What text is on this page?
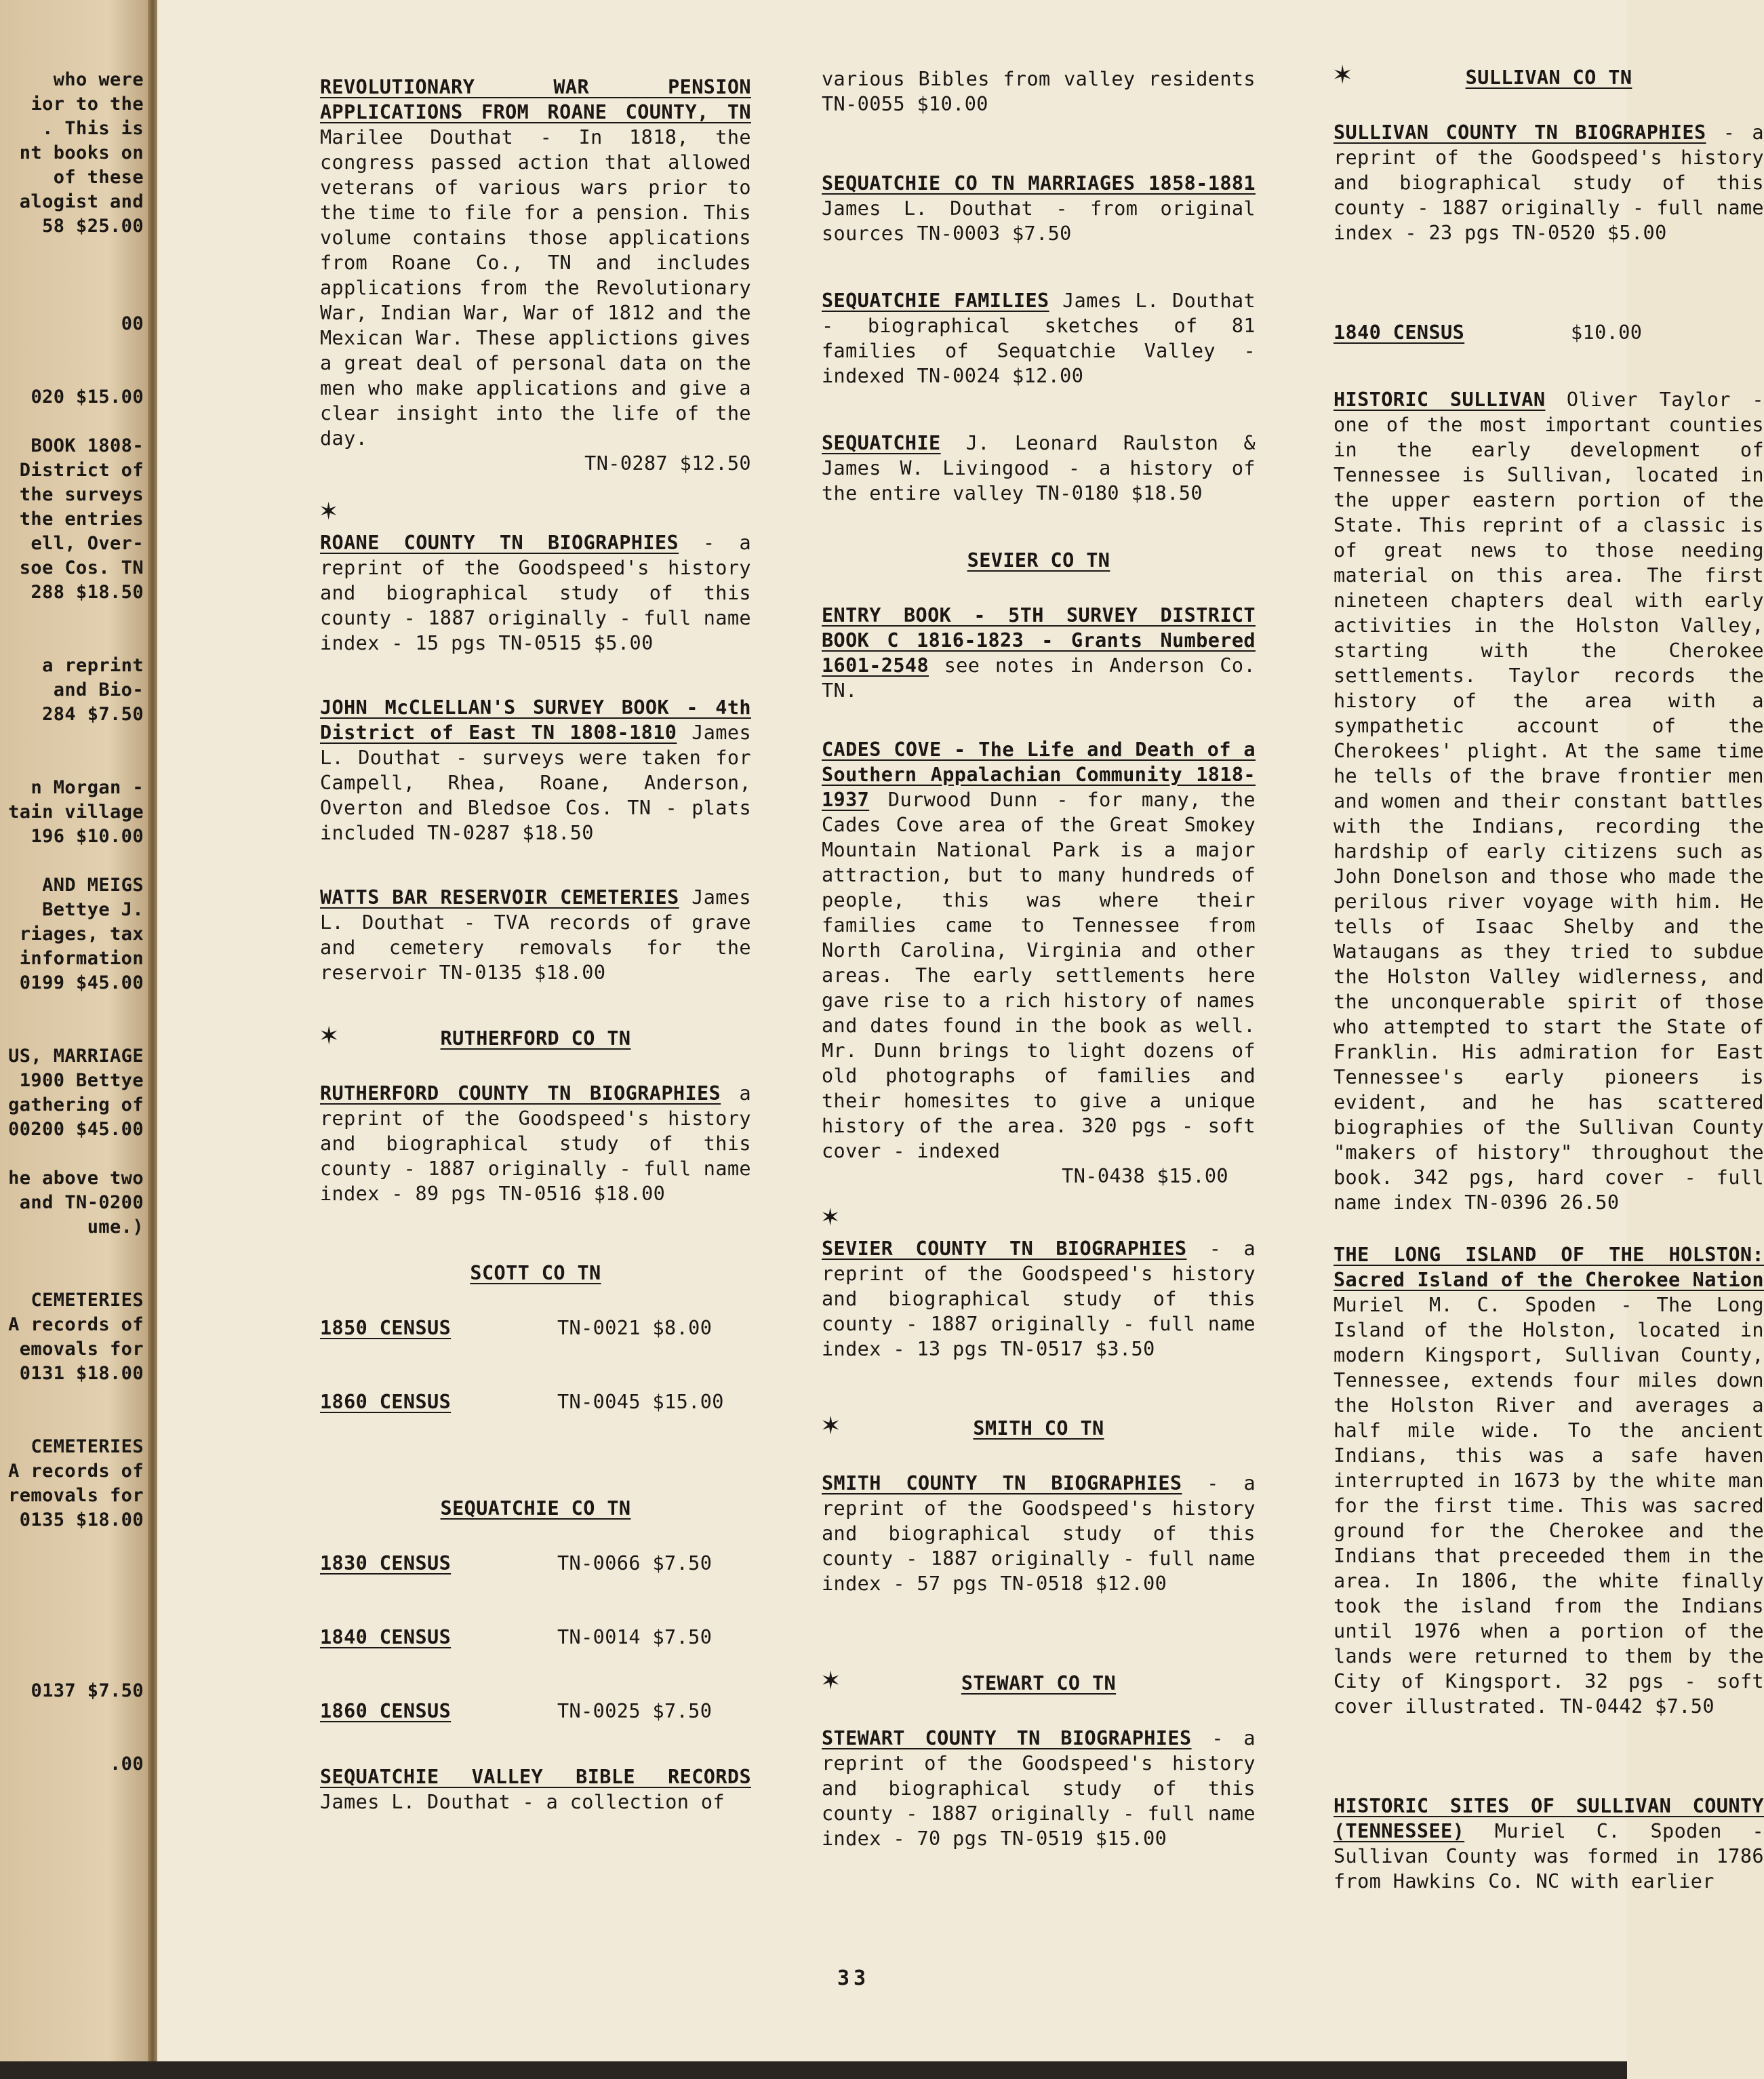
who were
ior to the
. This is
nt books on
of these
alogist and
58 $25.00

00

020 $15.00

BOOK 1808-
District of
the surveys
the entries
ell, Over-
soe Cos. TN
288 $18.50

a reprint
and Bio-
284 $7.50

n Morgan -
tain village
196 $10.00

AND MEIGS
Bettye J.
riages, tax
information
0199 $45.00

US, MARRIAGE
1900 Bettye
gathering of
00200 $45.00

he above two
and TN-0200
ume.)

CEMETERIES
A records of
emovals for
0131 $18.00

CEMETERIES
A records of
removals for
0135 $18.00

0137 $7.50

.00
REVOLUTIONARY WAR PENSION APPLICATIONS FROM ROANE COUNTY, TN Marilee Douthat - In 1818, the congress passed action that allowed veterans of various wars prior to the time to file for a pension. This volume contains those applications from Roane Co., TN and includes applications from the Revolutionary War, Indian War, War of 1812 and the Mexican War. These applictions gives a great deal of personal data on the men who make applications and give a clear insight into the life of the day.
TN-0287 $12.50
✶
ROANE COUNTY TN BIOGRAPHIES - a reprint of the Goodspeed's history and biographical study of this county - 1887 originally - full name index - 15 pgs TN-0515 $5.00
JOHN McCLELLAN'S SURVEY BOOK - 4th District of East TN 1808-1810 James L. Douthat - surveys were taken for Campell, Rhea, Roane, Anderson, Overton and Bledsoe Cos. TN - plats included TN-0287 $18.50
WATTS BAR RESERVOIR CEMETERIES James L. Douthat - TVA records of grave and cemetery removals for the reservoir TN-0135 $18.00
✶	RUTHERFORD CO TN
RUTHERFORD COUNTY TN BIOGRAPHIES a reprint of the Goodspeed's history and biographical study of this county - 1887 originally - full name index - 89 pgs TN-0516 $18.00
SCOTT CO TN
1850 CENSUS	TN-0021 $8.00
1860 CENSUS	TN-0045 $15.00
SEQUATCHIE CO TN
1830 CENSUS	TN-0066 $7.50
1840 CENSUS	TN-0014 $7.50
1860 CENSUS	TN-0025 $7.50
SEQUATCHIE VALLEY BIBLE RECORDS James L. Douthat - a collection of
various Bibles from valley residents TN-0055 $10.00
SEQUATCHIE CO TN MARRIAGES 1858-1881 James L. Douthat - from original sources TN-0003 $7.50
SEQUATCHIE FAMILIES James L. Douthat - biographical sketches of 81 families of Sequatchie Valley - indexed TN-0024 $12.00
SEQUATCHIE J. Leonard Raulston & James W. Livingood - a history of the entire valley TN-0180 $18.50
SEVIER CO TN
ENTRY BOOK - 5TH SURVEY DISTRICT BOOK C 1816-1823 - Grants Numbered 1601-2548 see notes in Anderson Co. TN.
CADES COVE - The Life and Death of a Southern Appalachian Community 1818-1937 Durwood Dunn - for many, the Cades Cove area of the Great Smokey Mountain National Park is a major attraction, but to many hundreds of people, this was where their families came to Tennessee from North Carolina, Virginia and other areas. The early settlements here gave rise to a rich history of names and dates found in the book as well. Mr. Dunn brings to light dozens of old photographs of families and their homesites to give a unique history of the area. 320 pgs - soft cover - indexed
TN-0438 $15.00
✶
SEVIER COUNTY TN BIOGRAPHIES - a reprint of the Goodspeed's history and biographical study of this county - 1887 originally - full name index - 13 pgs TN-0517 $3.50
✶	SMITH CO TN
SMITH COUNTY TN BIOGRAPHIES - a reprint of the Goodspeed's history and biographical study of this county - 1887 originally - full name index - 57 pgs TN-0518 $12.00
✶	STEWART CO TN
STEWART COUNTY TN BIOGRAPHIES - a reprint of the Goodspeed's history and biographical study of this county - 1887 originally - full name index - 70 pgs TN-0519 $15.00
✶	SULLIVAN CO TN
SULLIVAN COUNTY TN BIOGRAPHIES - a reprint of the Goodspeed's history and biographical study of this county - 1887 originally - full name index - 23 pgs TN-0520 $5.00
1840 CENSUS	$10.00
HISTORIC SULLIVAN Oliver Taylor - one of the most important counties in the early development of Tennessee is Sullivan, located in the upper eastern portion of the State. This reprint of a classic is of great news to those needing material on this area. The first nineteen chapters deal with early activities in the Holston Valley, starting with the Cherokee settlements. Taylor records the history of the area with a sympathetic account of the Cherokees' plight. At the same time he tells of the brave frontier men and women and their constant battles with the Indians, recording the hardship of early citizens such as John Donelson and those who made the perilous river voyage with him. He tells of Isaac Shelby and the Wataugans as they tried to subdue the Holston Valley widlerness, and the unconquerable spirit of those who attempted to start the State of Franklin. His admiration for East Tennessee's early pioneers is evident, and he has scattered biographies of the Sullivan County "makers of history" throughout the book. 342 pgs, hard cover - full name index TN-0396 26.50
THE LONG ISLAND OF THE HOLSTON: Sacred Island of the Cherokee Nation Muriel M. C. Spoden - The Long Island of the Holston, located in modern Kingsport, Sullivan County, Tennessee, extends four miles down the Holston River and averages a half mile wide. To the ancient Indians, this was a safe haven interrupted in 1673 by the white man for the first time. This was sacred ground for the Cherokee and the Indians that preceeded them in the area. In 1806, the white finally took the island from the Indians until 1976 when a portion of the lands were returned to them by the City of Kingsport. 32 pgs - soft cover illustrated. TN-0442 $7.50
HISTORIC SITES OF SULLIVAN COUNTY (TENNESSEE) Muriel C. Spoden - Sullivan County was formed in 1786 from Hawkins Co. NC with earlier
33
